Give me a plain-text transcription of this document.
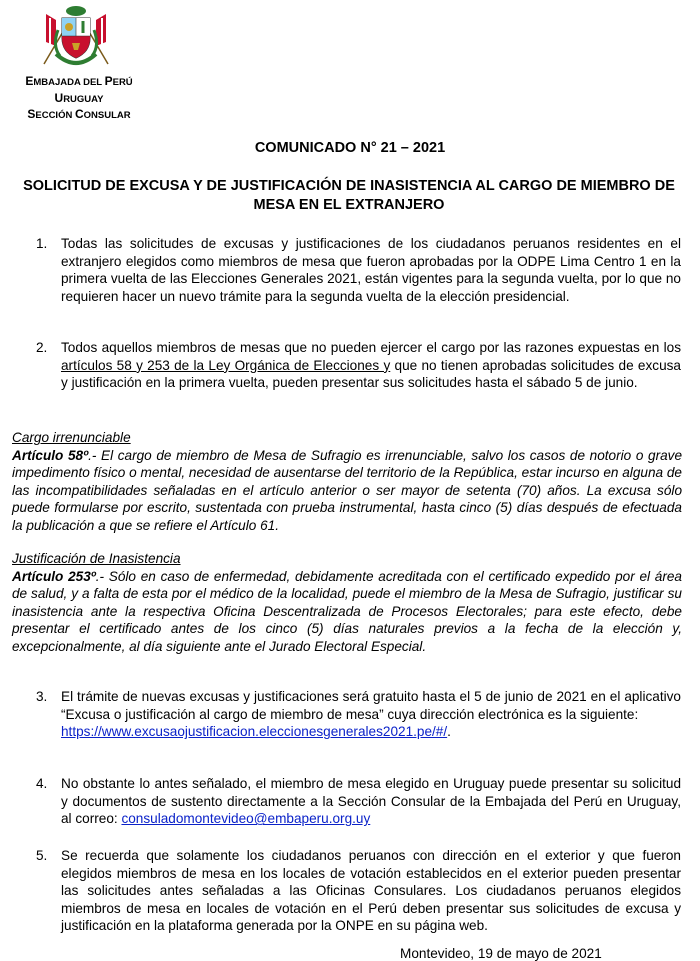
EMBAJADA DEL PERÚ
URUGUAY
SECCIÓN CONSULAR
COMUNICADO N° 21 – 2021
SOLICITUD DE EXCUSA Y DE JUSTIFICACIÓN DE INASISTENCIA AL CARGO DE MIEMBRO DE MESA EN EL EXTRANJERO
1. Todas las solicitudes de excusas y justificaciones de los ciudadanos peruanos residentes en el extranjero elegidos como miembros de mesa que fueron aprobadas por la ODPE Lima Centro 1 en la primera vuelta de las Elecciones Generales 2021, están vigentes para la segunda vuelta, por lo que no requieren hacer un nuevo trámite para la segunda vuelta de la elección presidencial.
2. Todos aquellos miembros de mesas que no pueden ejercer el cargo por las razones expuestas en los artículos 58 y 253 de la Ley Orgánica de Elecciones y que no tienen aprobadas solicitudes de excusa y justificación en la primera vuelta, pueden presentar sus solicitudes hasta el sábado 5 de junio.
Cargo irrenunciable
Artículo 58º.- El cargo de miembro de Mesa de Sufragio es irrenunciable, salvo los casos de notorio o grave impedimento físico o mental, necesidad de ausentarse del territorio de la República, estar incurso en alguna de las incompatibilidades señaladas en el artículo anterior o ser mayor de setenta (70) años. La excusa sólo puede formularse por escrito, sustentada con prueba instrumental, hasta cinco (5) días después de efectuada la publicación a que se refiere el Artículo 61.
Justificación de Inasistencia
Artículo 253º.- Sólo en caso de enfermedad, debidamente acreditada con el certificado expedido por el área de salud, y a falta de esta por el médico de la localidad, puede el miembro de la Mesa de Sufragio, justificar su inasistencia ante la respectiva Oficina Descentralizada de Procesos Electorales; para este efecto, debe presentar el certificado antes de los cinco (5) días naturales previos a la fecha de la elección y, excepcionalmente, al día siguiente ante el Jurado Electoral Especial.
3. El trámite de nuevas excusas y justificaciones será gratuito hasta el 5 de junio de 2021 en el aplicativo “Excusa o justificación al cargo de miembro de mesa” cuya dirección electrónica es la siguiente:
https://www.excusaojustificacion.eleccionesgenerales2021.pe/#/.
4. No obstante lo antes señalado, el miembro de mesa elegido en Uruguay puede presentar su solicitud y documentos de sustento directamente a la Sección Consular de la Embajada del Perú en Uruguay, al correo: consuladomontevideo@embaperu.org.uy
5. Se recuerda que solamente los ciudadanos peruanos con dirección en el exterior y que fueron elegidos miembros de mesa en los locales de votación establecidos en el exterior pueden presentar las solicitudes antes señaladas a las Oficinas Consulares. Los ciudadanos peruanos elegidos miembros de mesa en locales de votación en el Perú deben presentar sus solicitudes de excusa y justificación en la plataforma generada por la ONPE en su página web.
Montevideo, 19 de mayo de 2021
